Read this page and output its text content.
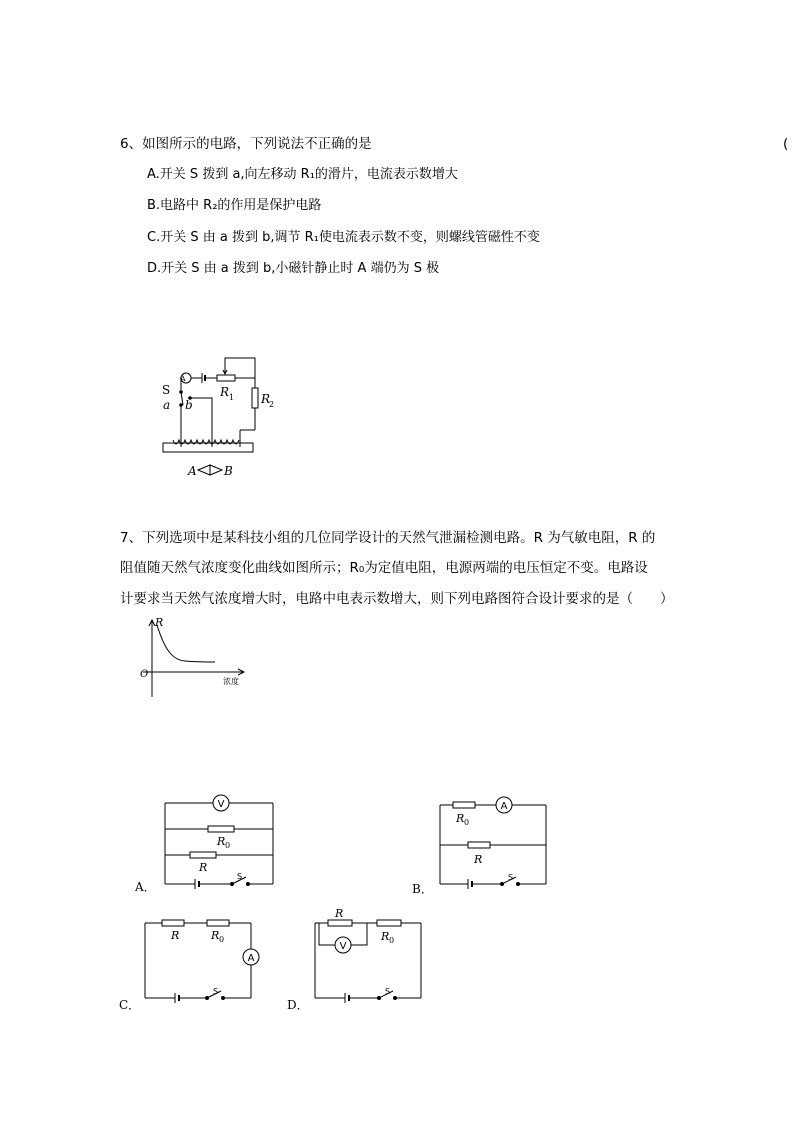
6、如图所示的电路，下列说法不正确的是	(
A.开关 S 拨到 a,向左移动 R₁的滑片，电流表示数增大
B.电路中 R₂的作用是保护电路
C.开关 S 由 a 拨到 b,调节 R₁使电流表示数不变，则螺线管磁性不变
D.开关 S 由 a 拨到 b,小磁针静止时 A 端仍为 S 极
A
S
a b
R 1 R
2
A B
7、下列选项中是某科技小组的几位同学设计的天然气泄漏检测电路。R 为气敏电阻，R 的
阻值随天然气浓度变化曲线如图所示；R₀为定值电阻，电源两端的电压恒定不变。电路设
计要求当天然气浓度增大时，电路中电表示数增大，则下列电路图符合设计要求的是（　　）
R
O
浓度
V
R 0
R
S
A．
A
R 0
R
S
B．
A
R	R 0
S
C．
V
R
R 0
S
D．
